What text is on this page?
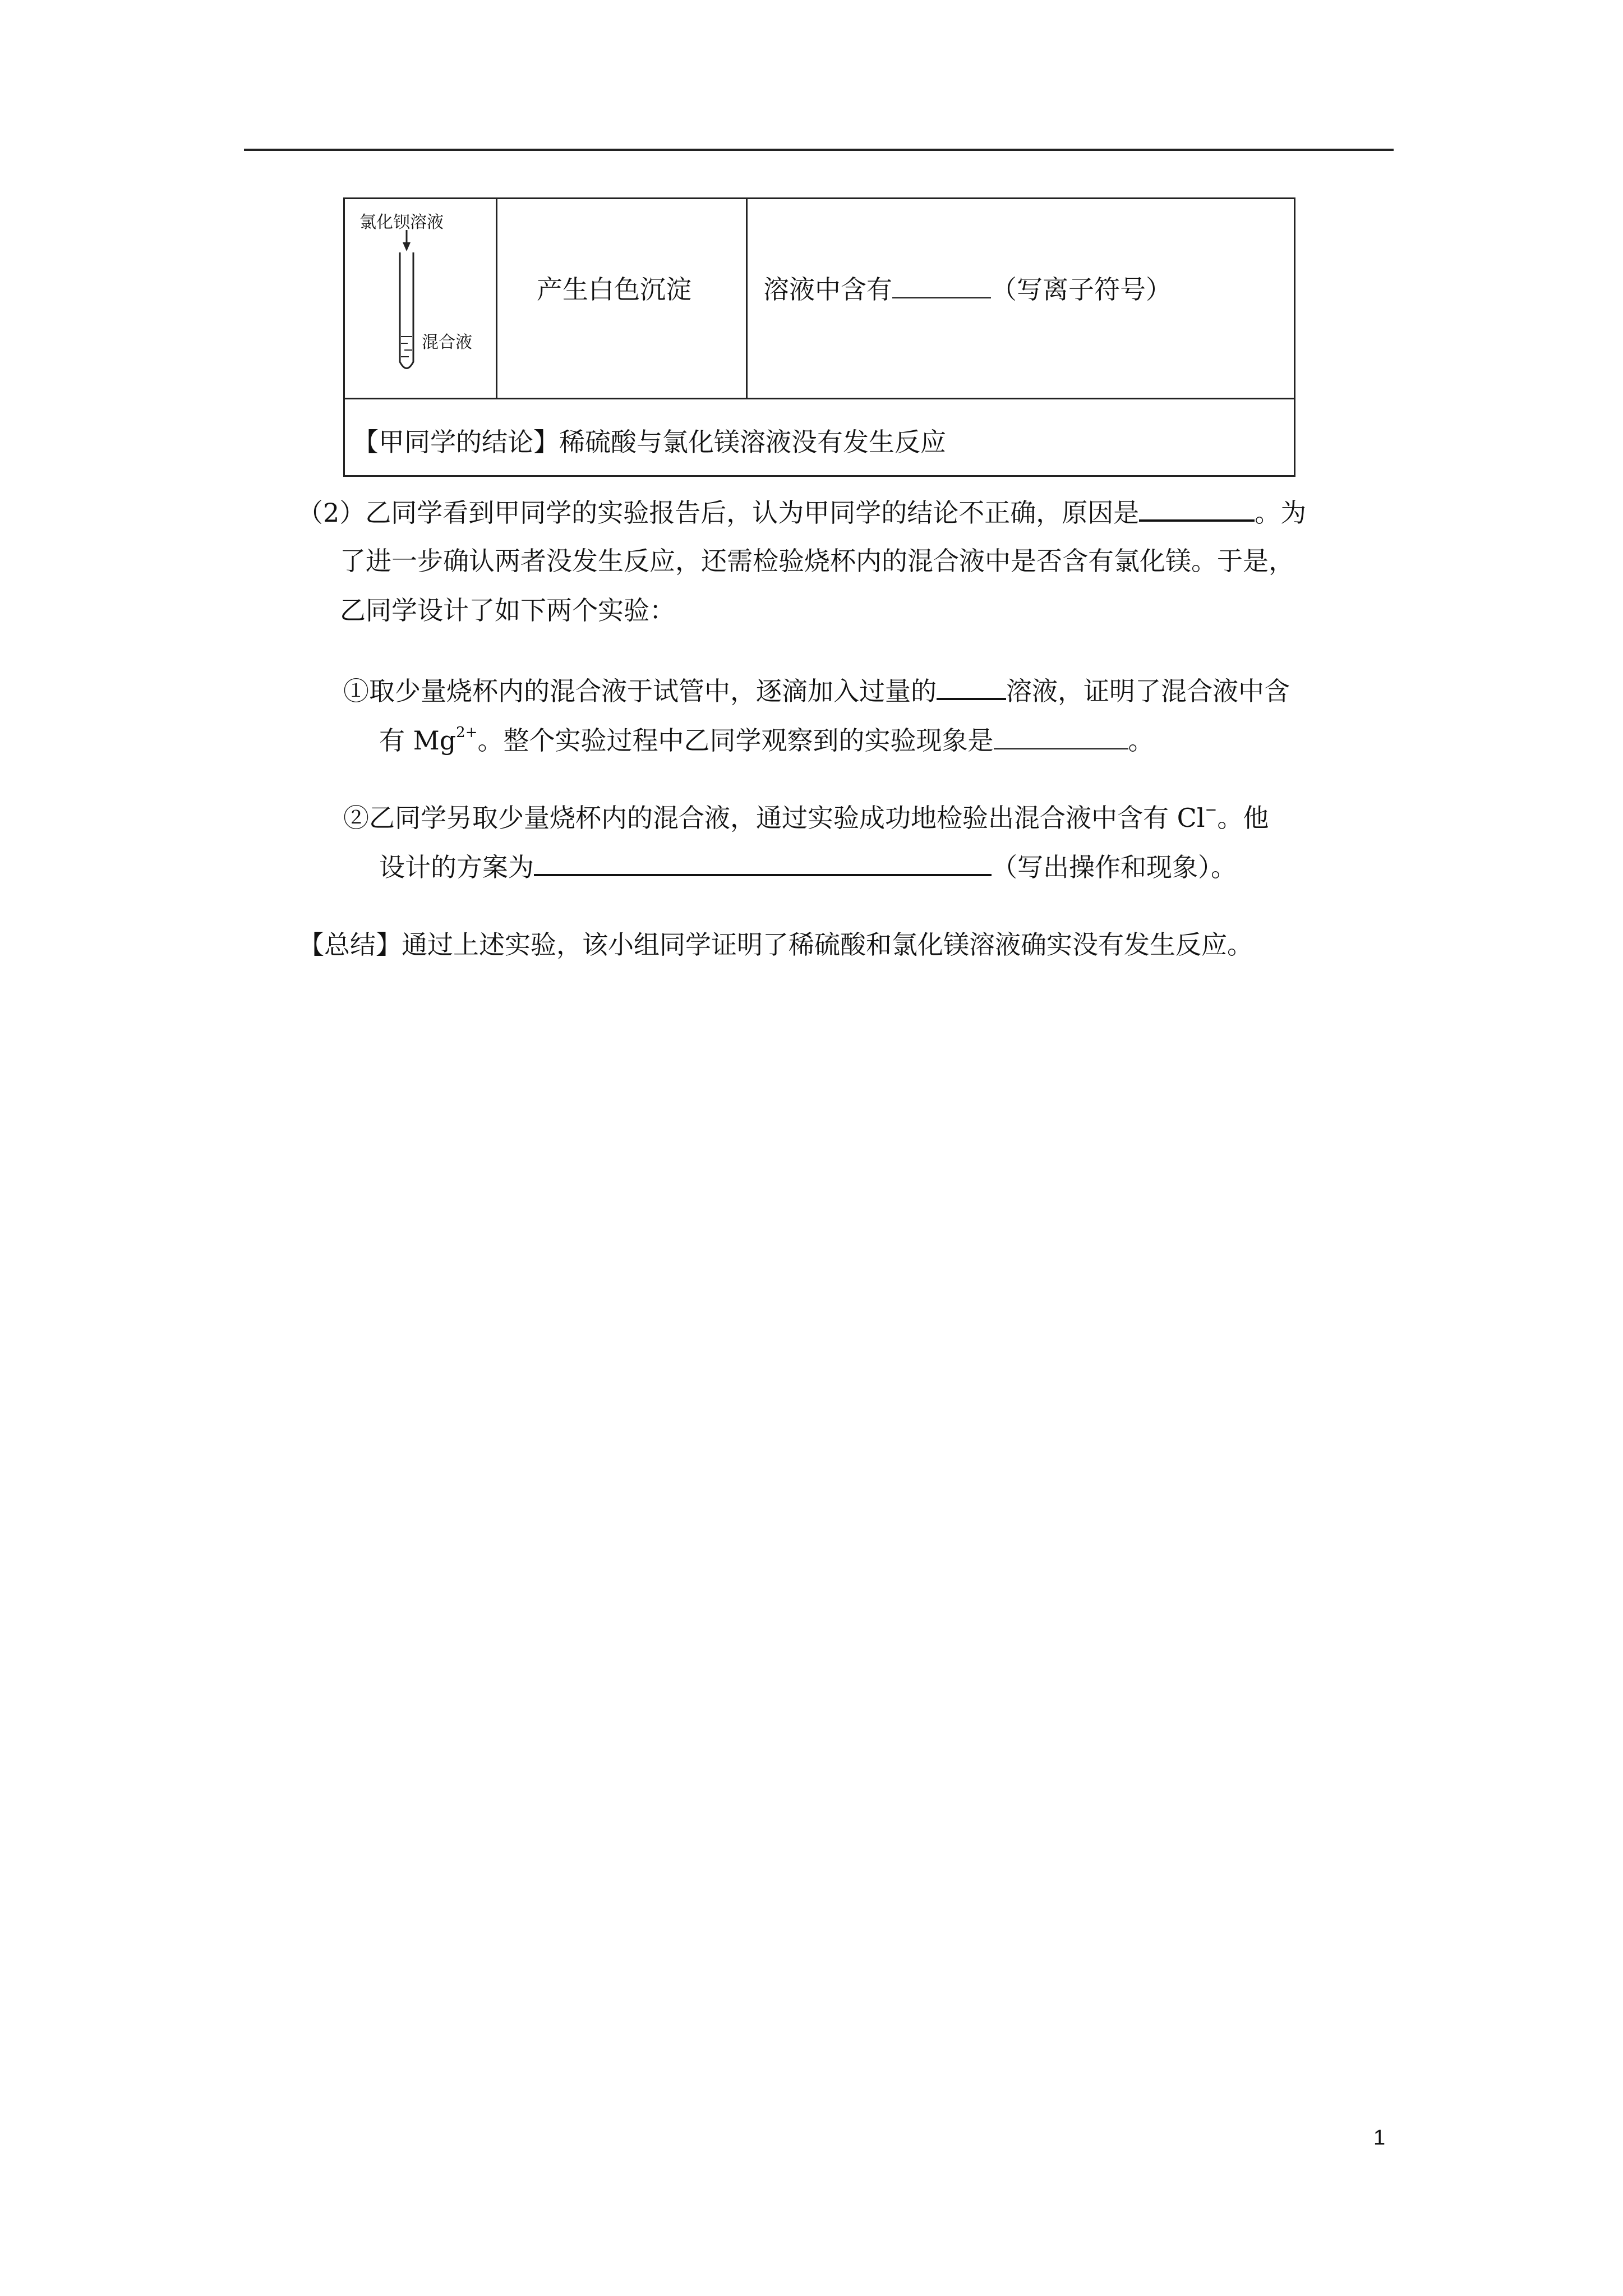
氯化钡溶液
混合液
产生白色沉淀	溶液中含有	（写离子符号）
【甲同学的结论】稀硫酸与氯化镁溶液没有发生反应
（2）乙同学看到甲同学的实验报告后，认为甲同学的结论不正确，原因是	。为
了进一步确认两者没发生反应，还需检验烧杯内的混合液中是否含有氯化镁。于是，
乙同学设计了如下两个实验：
①取少量烧杯内的混合液于试管中，逐滴加入过量的	溶液，证明了混合液中含
有 $Mg^{2+}$。整个实验过程中乙同学观察到的实验现象是	。
②乙同学另取少量烧杯内的混合液，通过实验成功地检验出混合液中含有 Cl−。他
设计的方案为	（写出操作和现象）。
【总结】通过上述实验，该小组同学证明了稀硫酸和氯化镁溶液确实没有发生反应。
1
